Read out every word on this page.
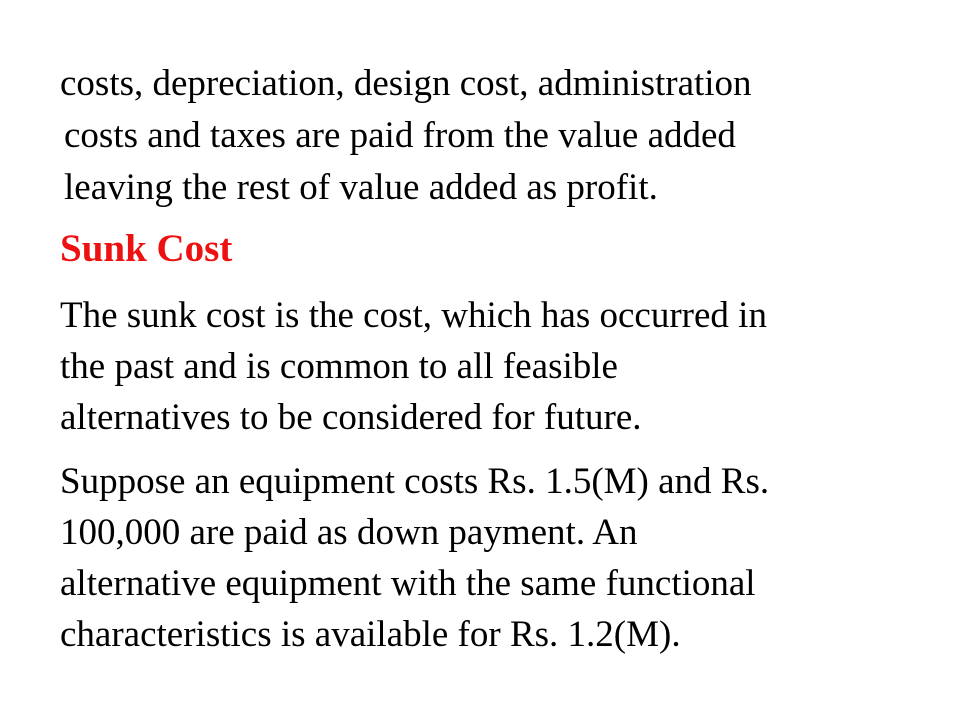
costs, depreciation, design cost, administration
costs and taxes are paid from the value added
leaving the rest of value added as profit.
Sunk Cost
The sunk cost is the cost, which has occurred in
the past and is common to all feasible
alternatives to be considered for future.
Suppose an equipment costs Rs. 1.5(M) and Rs.
100,000 are paid as down payment. An
alternative equipment with the same functional
characteristics is available for Rs. 1.2(M).
